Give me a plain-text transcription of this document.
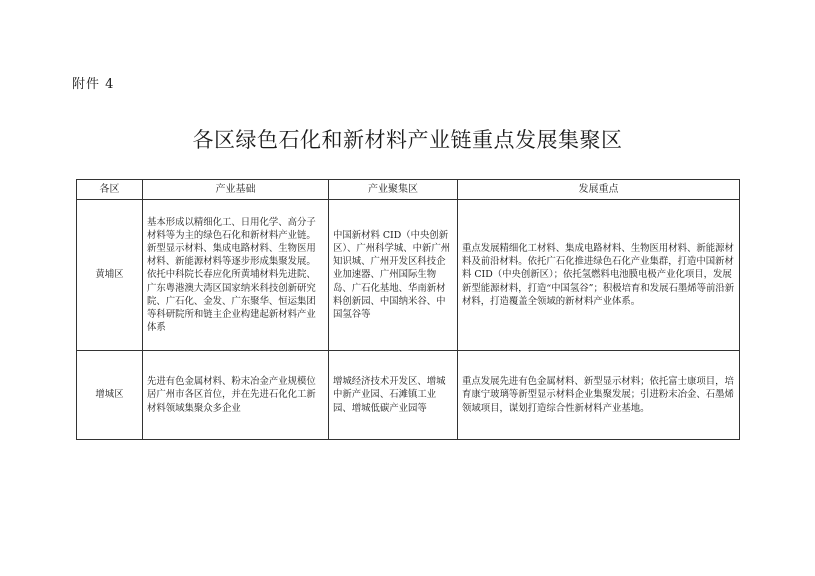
附件 4
各区绿色石化和新材料产业链重点发展集聚区
各区	产业基础	产业聚集区	发展重点
黄埔区	基本形成以精细化工、日用化学、高分子材料等为主的绿色石化和新材料产业链。新型显示材料、集成电路材料、生物医用材料、新能源材料等逐步形成集聚发展。依托中科院长春应化所黄埔材料先进院、广东粤港澳大湾区国家纳米科技创新研究院、广石化、金发、广东聚华、恒运集团等科研院所和链主企业构建起新材料产业体系	中国新材料 CID（中央创新区）、广州科学城、中新广州知识城、广州开发区科技企业加速器、广州国际生物岛、广石化基地、华南新材料创新园、中国纳米谷、中国氢谷等	重点发展精细化工材料、集成电路材料、生物医用材料、新能源材料及前沿材料。依托广石化推进绿色石化产业集群，打造中国新材料 CID（中央创新区）；依托氢燃料电池膜电极产业化项目，发展新型能源材料，打造“中国氢谷”；积极培育和发展石墨烯等前沿新材料，打造覆盖全领域的新材料产业体系。
增城区	先进有色金属材料、粉末冶金产业规模位居广州市各区首位，并在先进石化化工新材料领域集聚众多企业	增城经济技术开发区、增城中新产业园、石滩镇工业园、增城低碳产业园等	重点发展先进有色金属材料、新型显示材料；依托富士康项目，培育康宁玻璃等新型显示材料企业集聚发展；引进粉末冶金、石墨烯领域项目，谋划打造综合性新材料产业基地。
